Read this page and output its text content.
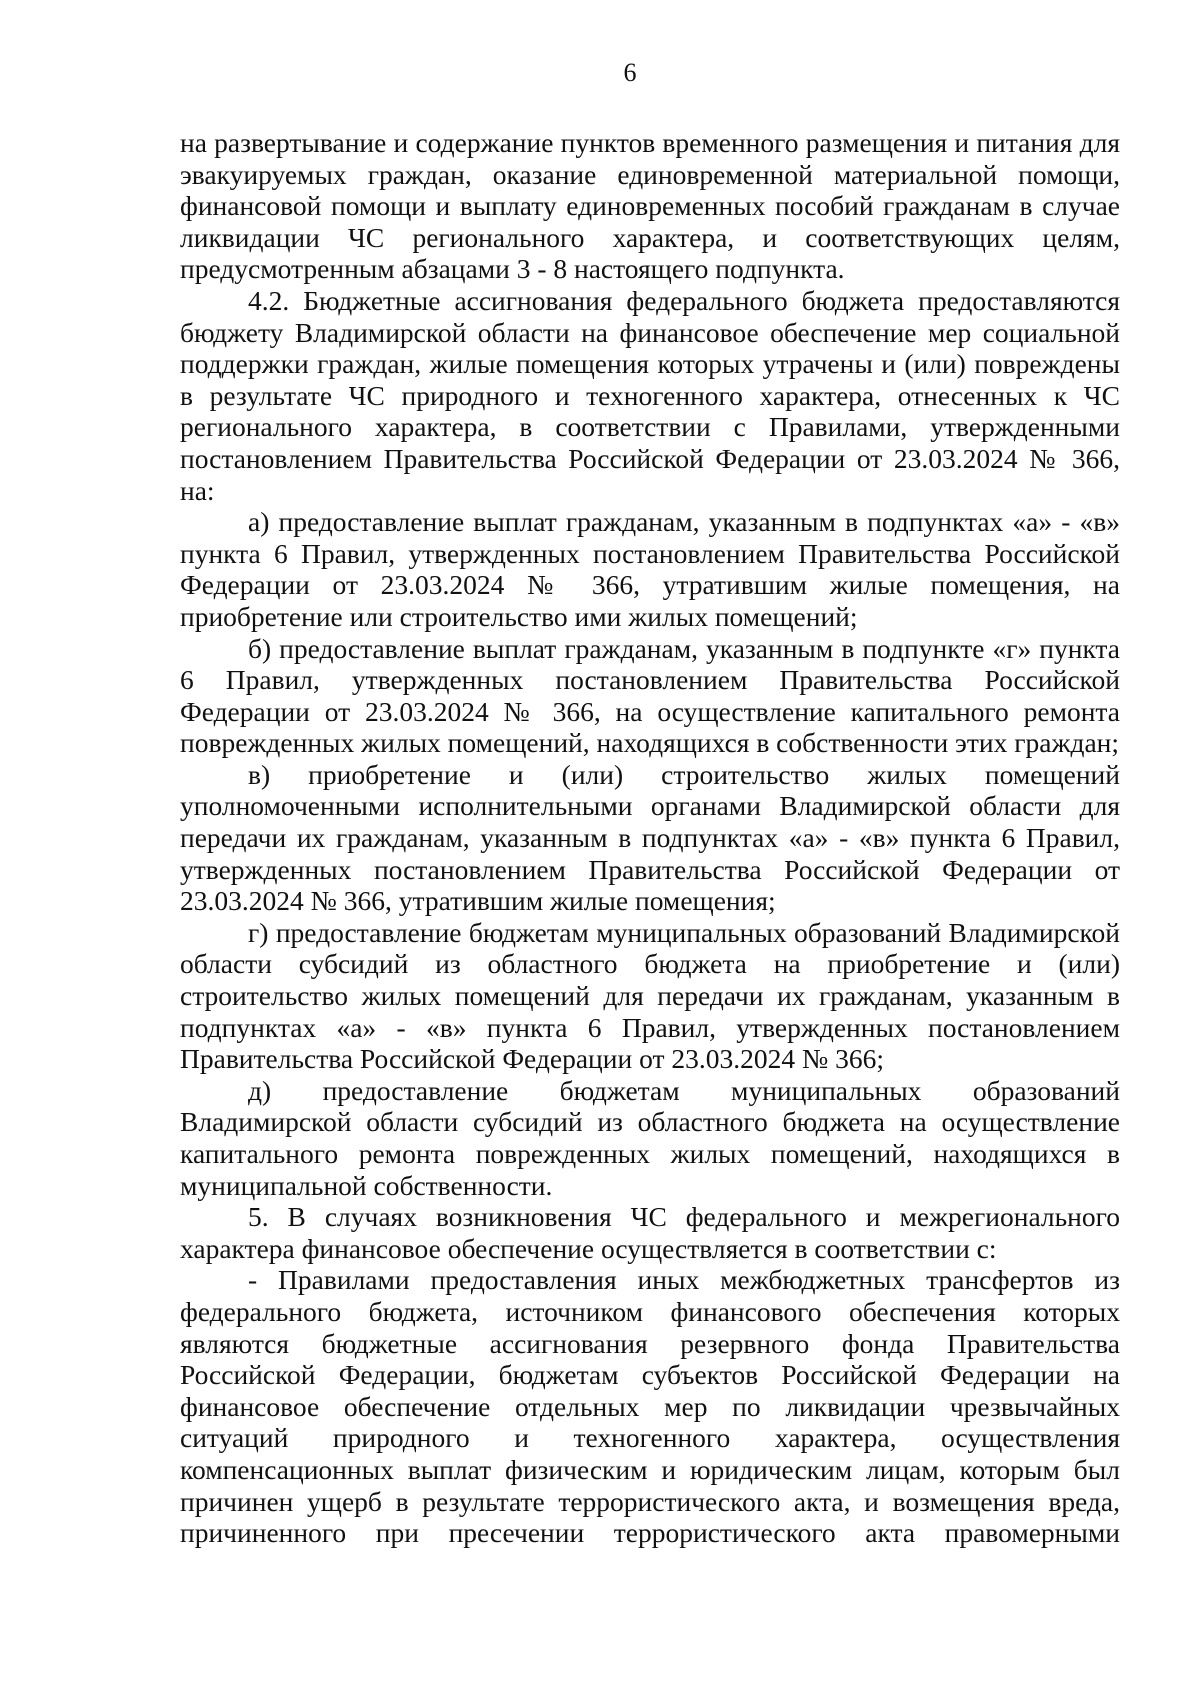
6

на развертывание и содержание пунктов временного размещения и питания для эвакуируемых граждан, оказание единовременной материальной помощи, финансовой помощи и выплату единовременных пособий гражданам в случае ликвидации ЧС регионального характера, и соответствующих целям, предусмотренным абзацами 3 - 8 настоящего подпункта.

4.2. Бюджетные ассигнования федерального бюджета предоставляются бюджету Владимирской области на финансовое обеспечение мер социальной поддержки граждан, жилые помещения которых утрачены и (или) повреждены в результате ЧС природного и техногенного характера, отнесенных к ЧС регионального характера, в соответствии с Правилами, утвержденными постановлением Правительства Российской Федерации от 23.03.2024 № 366, на:

а) предоставление выплат гражданам, указанным в подпунктах «а» - «в» пункта 6 Правил, утвержденных постановлением Правительства Российской Федерации от 23.03.2024 № 366, утратившим жилые помещения, на приобретение или строительство ими жилых помещений;

б) предоставление выплат гражданам, указанным в подпункте «г» пункта 6 Правил, утвержденных постановлением Правительства Российской Федерации от 23.03.2024 № 366, на осуществление капитального ремонта поврежденных жилых помещений, находящихся в собственности этих граждан;

в) приобретение и (или) строительство жилых помещений уполномоченными исполнительными органами Владимирской области для передачи их гражданам, указанным в подпунктах «а» - «в» пункта 6 Правил, утвержденных постановлением Правительства Российской Федерации от 23.03.2024 № 366, утратившим жилые помещения;

г) предоставление бюджетам муниципальных образований Владимирской области субсидий из областного бюджета на приобретение и (или) строительство жилых помещений для передачи их гражданам, указанным в подпунктах «а» - «в» пункта 6 Правил, утвержденных постановлением Правительства Российской Федерации от 23.03.2024 № 366;

д) предоставление бюджетам муниципальных образований Владимирской области субсидий из областного бюджета на осуществление капитального ремонта поврежденных жилых помещений, находящихся в муниципальной собственности.

5. В случаях возникновения ЧС федерального и межрегионального характера финансовое обеспечение осуществляется в соответствии с:

- Правилами предоставления иных межбюджетных трансфертов из федерального бюджета, источником финансового обеспечения которых являются бюджетные ассигнования резервного фонда Правительства Российской Федерации, бюджетам субъектов Российской Федерации на финансовое обеспечение отдельных мер по ликвидации чрезвычайных ситуаций природного и техногенного характера, осуществления компенсационных выплат физическим и юридическим лицам, которым был причинен ущерб в результате террористического акта, и возмещения вреда, причиненного при пресечении террористического акта правомерными
